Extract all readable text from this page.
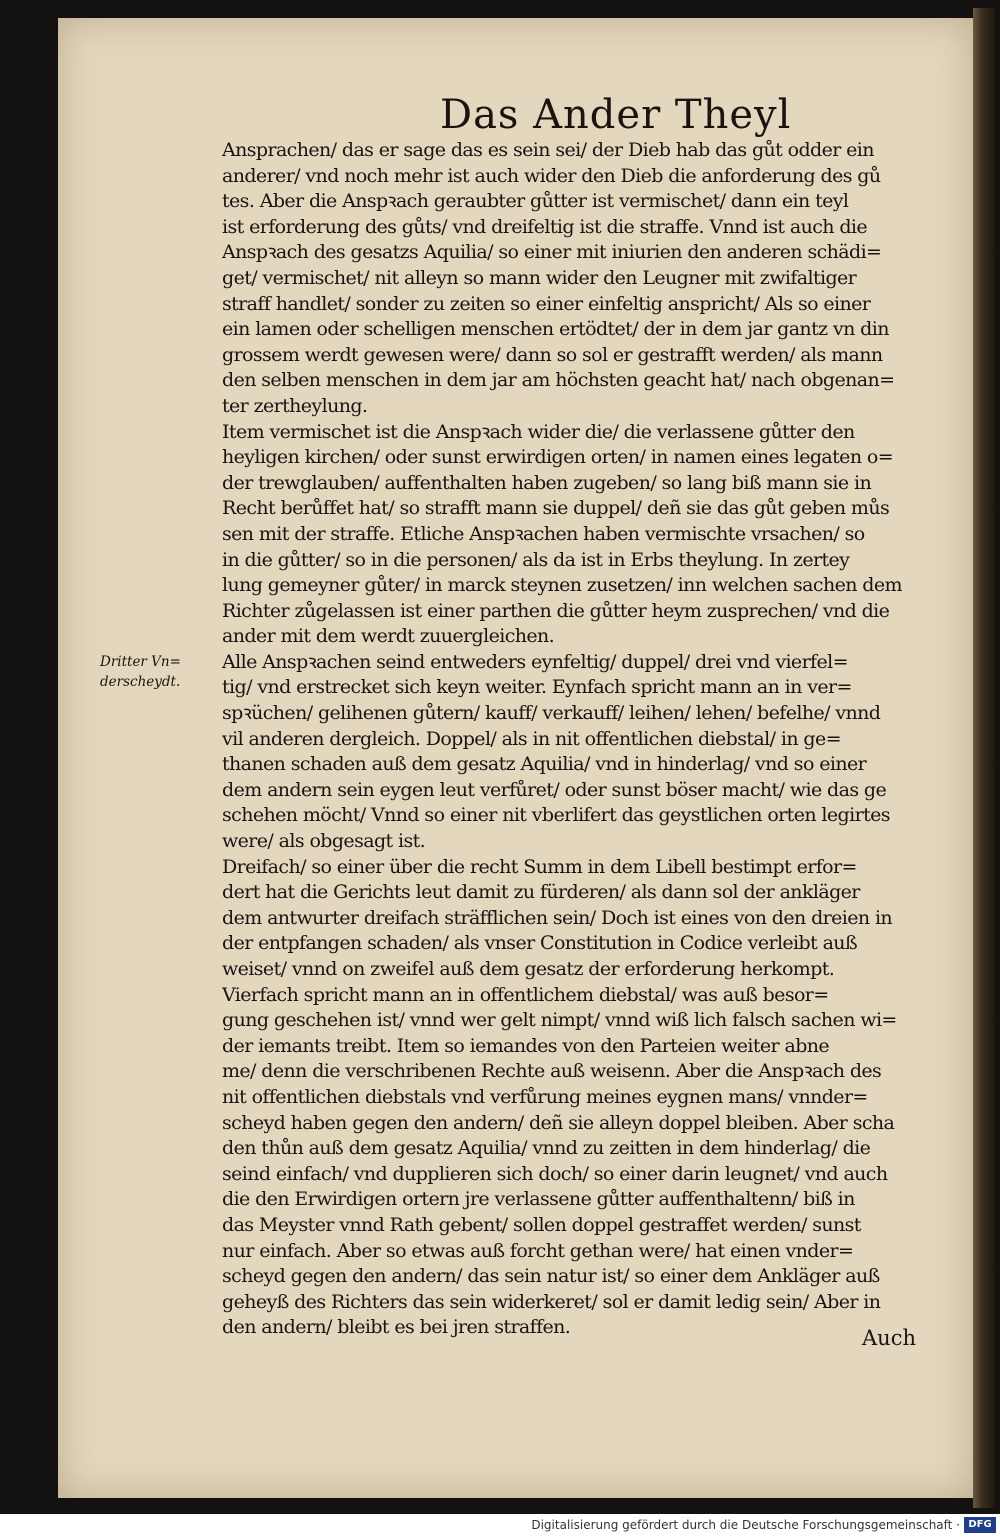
Das Ander Theyl
Dritter Vn=
derscheydt.
Ansprachen/ das er sage das es sein sei/ der Dieb hab das gůt odder ein
anderer/ vnd noch mehr ist auch wider den Dieb die anforderung des gů
tes. Aber die Anspꝛach geraubter gůtter ist vermischet/ dann ein teyl
ist erforderung des gůts/ vnd dreifeltig ist die straffe. Vnnd ist auch die
Anspꝛach des gesatzs Aquilia/ so einer mit iniurien den anderen schädi=
get/ vermischet/ nit alleyn so mann wider den Leugner mit zwifaltiger
straff handlet/ sonder zu zeiten so einer einfeltig anspricht/ Als so einer
ein lamen oder schelligen menschen ertödtet/ der in dem jar gantz vn din
grossem werdt gewesen were/ dann so sol er gestrafft werden/ als mann
den selben menschen in dem jar am höchsten geacht hat/ nach obgenan=
ter zertheylung.
Item vermischet ist die Anspꝛach wider die/ die verlassene gůtter den
heyligen kirchen/ oder sunst erwirdigen orten/ in namen eines legaten o=
der trewglauben/ auffenthalten haben zugeben/ so lang biß mann sie in
Recht berůffet hat/ so strafft mann sie duppel/ deñ sie das gůt geben můs
sen mit der straffe. Etliche Anspꝛachen haben vermischte vrsachen/ so
in die gůtter/ so in die personen/ als da ist in Erbs theylung. In zertey
lung gemeyner gůter/ in marck steynen zusetzen/ inn welchen sachen dem
Richter zůgelassen ist einer parthen die gůtter heym zusprechen/ vnd die
ander mit dem werdt zuuergleichen.
Alle Anspꝛachen seind entweders eynfeltig/ duppel/ drei vnd vierfel=
tig/ vnd erstrecket sich keyn weiter. Eynfach spricht mann an in ver=
spꝛüchen/ gelihenen gůtern/ kauff/ verkauff/ leihen/ lehen/ befelhe/ vnnd
vil anderen dergleich. Doppel/ als in nit offentlichen diebstal/ in ge=
thanen schaden auß dem gesatz Aquilia/ vnd in hinderlag/ vnd so einer
dem andern sein eygen leut verfůret/ oder sunst böser macht/ wie das ge
schehen möcht/ Vnnd so einer nit vberlifert das geystlichen orten legirtes
were/ als obgesagt ist.
Dreifach/ so einer über die recht Summ in dem Libell bestimpt erfor=
dert hat die Gerichts leut damit zu fürderen/ als dann sol der ankläger
dem antwurter dreifach sträfflichen sein/ Doch ist eines von den dreien in
der entpfangen schaden/ als vnser Constitution in Codice verleibt auß
weiset/ vnnd on zweifel auß dem gesatz der erforderung herkompt.
Vierfach spricht mann an in offentlichem diebstal/ was auß besor=
gung geschehen ist/ vnnd wer gelt nimpt/ vnnd wiß lich falsch sachen wi=
der iemants treibt. Item so iemandes von den Parteien weiter abne
me/ denn die verschribenen Rechte auß weisenn. Aber die Anspꝛach des
nit offentlichen diebstals vnd verfůrung meines eygnen mans/ vnnder=
scheyd haben gegen den andern/ deñ sie alleyn doppel bleiben. Aber scha
den thůn auß dem gesatz Aquilia/ vnnd zu zeitten in dem hinderlag/ die
seind einfach/ vnd dupplieren sich doch/ so einer darin leugnet/ vnd auch
die den Erwirdigen ortern jre verlassene gůtter auffenthaltenn/ biß in
das Meyster vnnd Rath gebent/ sollen doppel gestraffet werden/ sunst
nur einfach. Aber so etwas auß forcht gethan were/ hat einen vnder=
scheyd gegen den andern/ das sein natur ist/ so einer dem Ankläger auß
geheyß des Richters das sein widerkeret/ sol er damit ledig sein/ Aber in
den andern/ bleibt es bei jren straffen.	Auch
Digitalisierung gefördert durch die Deutsche Forschungsgemeinschaft · DFG
